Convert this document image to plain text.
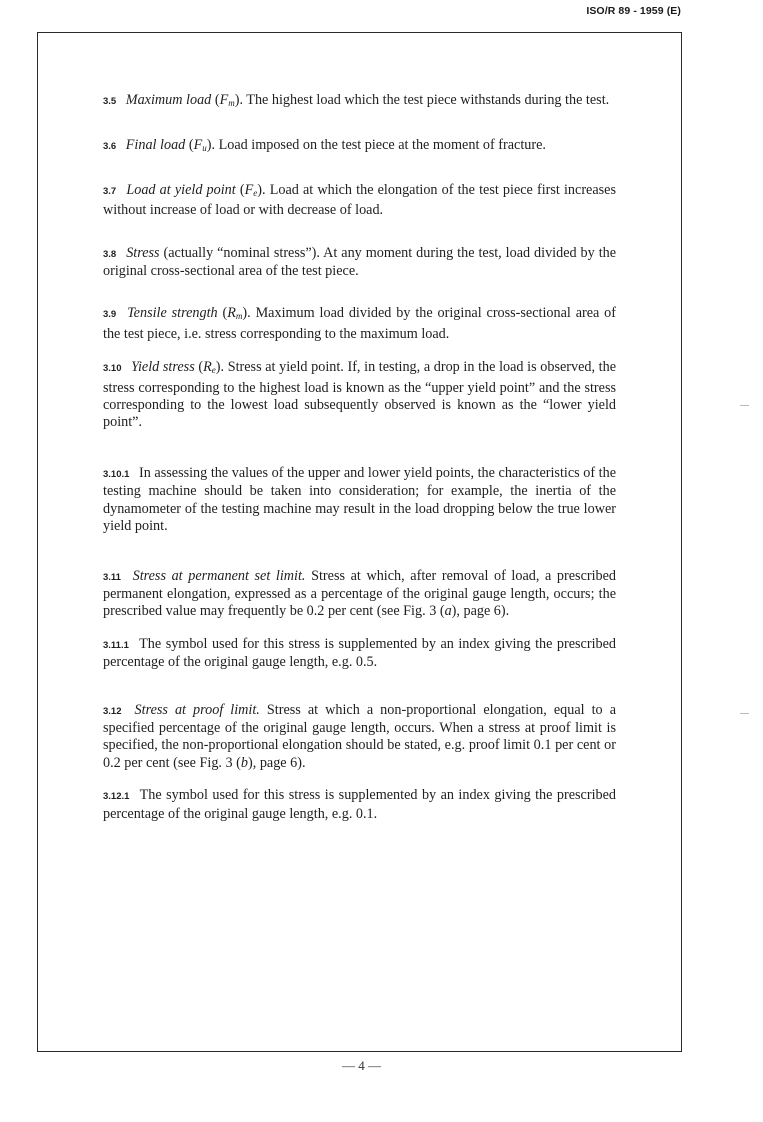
ISO/R 89 - 1959 (E)

3.5 Maximum load $(F_m)$. The highest load which the test piece withstands during the test.

3.6 Final load $(F_u)$. Load imposed on the test piece at the moment of fracture.

3.7 Load at yield point $(F_e)$. Load at which the elongation of the test piece first increases without increase of load or with decrease of load.

3.8 Stress (actually “nominal stress”). At any moment during the test, load divided by the original cross-sectional area of the test piece.

3.9 Tensile strength $(R_m)$. Maximum load divided by the original cross-sectional area of the test piece, i.e. stress corresponding to the maximum load.

3.10 Yield stress $(R_e)$. Stress at yield point. If, in testing, a drop in the load is observed, the stress corresponding to the highest load is known as the “upper yield point” and the stress corresponding to the lowest load subsequently observed is known as the “lower yield point”.

3.10.1 In assessing the values of the upper and lower yield points, the characteristics of the testing machine should be taken into consideration; for example, the inertia of the dynamometer of the testing machine may result in the load dropping below the true lower yield point.

3.11 Stress at permanent set limit. Stress at which, after removal of load, a prescribed permanent elongation, expressed as a percentage of the original gauge length, occurs; the prescribed value may frequently be 0.2 per cent (see Fig. 3 (a), page 6).

3.11.1 The symbol used for this stress is supplemented by an index giving the prescribed percentage of the original gauge length, e.g. 0.5.

3.12 Stress at proof limit. Stress at which a non-proportional elongation, equal to a specified percentage of the original gauge length, occurs. When a stress at proof limit is specified, the non-proportional elongation should be stated, e.g. proof limit 0.1 per cent or 0.2 per cent (see Fig. 3 (b), page 6).

3.12.1 The symbol used for this stress is supplemented by an index giving the prescribed percentage of the original gauge length, e.g. 0.1.

— 4 —
